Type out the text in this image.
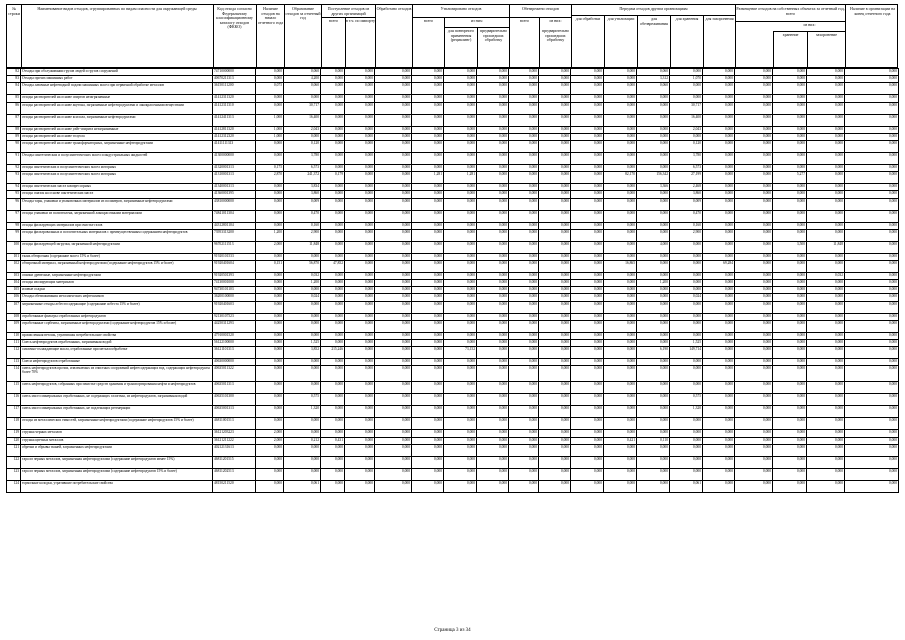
№ строки
Наименование видов отходов, сгруппированных по видам опасности для окружающей среды	Код отхода согласно Федеральному классификационному каталогу отходов (ФККО)
Наличие отходов на начало отчетного года
Образование отходов за отчетный год
Поступление отходов из других организаций
всего	в т.ч. по импорту
Обработано отходов	Утилизировано отходов
всего	из них:
для повторного применения (рециклинг)
предварительно прошедших обработку
Обезврежено отходов
всего	из них:
предварительно прошедших обработку
Передача отходов другим организациям
для обработки	для утилизации	для обезвреживания
для хранения	для захоронения
Размещение отходов на собственных объектах за отчетный год, всего
из них:
хранение	захоронение
Наличие в организации на конец отчетного года
82	Отходы при обслуживании грузов людей и грузов сооружений	74710000000	0,000	0,060	0,000	0,000	0,000	0,000	0,000	0,000	0,000	0,000	0,000	0,000	0,060	0,000	0,000	0,000	0,000	0,000	0,000	
83	Отходы прочих машинных работ	40670211313	0,000	4,200	0,000	0,000	0,000	0,000	0,000	0,000	0,000	0,000	0,000	0,000	3,312	1,070	0,000	0,000	0,000	0,000	0,000	
84	Отходы лавочные нефтеводной подачи машинных масел при первичной обработке металлов	36150111200	0,075	0,060	0,000	0,000	0,000	0,000	0,000	0,000	0,000	0,000	0,000	0,000	0,060	0,000	0,000	0,000	0,000	0,000	0,000	
85	отходы растворителей на основе спиртов незагрязненные	41412311320	0,000	0,000	0,000	0,000	0,000	0,000	0,000	0,000	0,000	0,000	0,000	0,000	0,000	0,000	0,000	0,000	0,000	0,000	0,000	
86	отходы растворителей на основе ацетона, загрязненные нефтепродуктами и лакокрасочными веществами	41412311310	0,000	30,717	0,000	0,000	0,000	0,000	0,000	0,000	0,000	0,000	0,000	0,000	0,000	30,717	0,000	0,000	0,000	0,000	0,000	
87	отходы растворителей на основе ксилола, загрязненные нефтепродуктами	41412411313	1,000	16,400	0,000	0,000	0,000	0,000	0,000	0,000	0,000	0,000	0,000	0,000	0,000	16,400	0,000	0,000	0,000	0,000	0,000	
88	отходы растворителей на основе уайт-спирита незагрязненные	41412811320	1,000	2,043	0,000	0,000	0,000	0,000	0,000	0,000	0,000	0,000	0,000	0,000	0,000	2,043	0,000	0,000	0,000	0,000	0,000	
89	отходы растворителей на основе толуола	41412312320	1,000	0,000	0,000	0,000	0,000	0,000	0,000	0,000	0,000	0,000	0,000	0,000	0,000	0,000	0,000	0,000	0,000	0,000	0,000	
90	отходы растворителей на основе трансформаторных, загрязненные нефтепродуктами	41411111313	0,000	0,120	0,000	0,000	0,000	0,000	0,000	0,000	0,000	0,000	0,000	0,000	0,000	0,120	0,000	0,000	0,000	0,000	0,000	
91	Отходы синтетических и полусинтетических масел и индустриальных жидкостей	41300000000	0,000	3,780	0,000	0,000	0,000	0,000	0,000	0,000	0,000	0,000	0,000	0,000	0,000	3,780	0,000	0,000	0,000	0,000	0,000	
92	отходы синтетических и полусинтетических масел моторных	41320001313	0,175	6,573	0,000	0,000	0,000	0,000	0,000	0,000	0,000	0,000	0,000	0,000	0,000	6,573	0,000	0,000	0,000	0,000	0,000	
93	отходы синтетических и полусинтетических масел моторных	41310001313	2,870	241,372	0,179	0,000	0,000	1,281	1,281	0,000	0,000	0,000	0,000	82,170	156,342	27,199	0,000	0,000	5,277	0,000	0,000	
94	отходы синтетических масел компрессорных	41340001313	0,000	3,834	0,000	0,000	0,000	0,000	0,000	0,000	0,000	0,000	0,000	0,000	3,366	2,468	0,000	0,000	0,000	0,000	0,000	
95	отходы смазок на основе синтетических масел	41360001395	0,000	3,860	0,000	0,000	0,000	0,000	0,000	0,000	0,000	0,000	0,000	0,000	0,000	3,860	0,000	0,000	0,000	0,000	0,000	
96	Отходы тары, упаковки и упаковочных материалов из полимеров, загрязненные нефтепродуктами	43810000000	0,000	0,009	0,000	0,000	0,000	0,000	0,000	0,000	0,000	0,000	0,000	0,000	0,000	0,009	0,000	0,000	0,000	0,000	0,000	
97	отходы упаковки из полиэтилена, загрязненной лакокрасочными материалами	74841011304	0,000	0,470	0,000	0,000	0,000	0,000	0,000	0,000	0,000	0,000	0,000	0,000	0,000	0,470	0,000	0,000	0,000	0,000	0,000	
98	отходы фильтрующих материалов при очистке газов	44312801104	0,000	0,160	0,000	0,000	0,000	0,000	0,000	0,000	0,000	0,000	0,000	0,000	0,000	0,160	0,000	0,000	0,000	0,000	0,000	
99	отходы фильтровальных и поглотительных материалов с преимущественным содержанием нефтепродуктов	73953313200	1,200	2,900	0,000	0,000	0,000	0,000	0,000	0,000	0,000	0,000	0,000	0,000	0,000	2,900	0,000	0,000	0,000	0,000	0,000	
100	отходы фильтрующей загрузки, загрязненной нефтепродуктами	96702111513	2,000	11,848	0,000	0,000	0,000	0,000	0,000	0,000	0,000	0,000	0,000	0,000	4,000	0,000	0,000	0,000	3,500	11,848	0,000	
101	ткань обтирочная (содержание масел 15% и более)	91920101533	0,000	0,000	0,000	0,000	0,000	0,000	0,000	0,000	0,000	0,000	0,000	0,000	0,000	0,000	0,000	0,000	0,000	0,000	0,000	
102	обтирочный материал, загрязненный нефтепродуктами (содержание нефтепродуктов 15% и более)	91920401604	0,151	56,870	47,852	0,000	0,000	0,000	0,000	0,000	0,000	0,000	0,000	16,865	0,000	0,000	69,284	0,000	0,000	0,000	0,000	
103	опилки древесные, загрязненные нефтепродуктами	91920501393	0,000	0,032	0,000	0,000	0,000	0,000	0,000	0,000	0,000	0,000	0,000	0,000	0,000	0,000	0,000	0,000	0,000	0,032	0,000	
104	отходы изолирующих материалов	74130001000	0,000	1,200	0,000	0,000	0,000	0,000	0,000	0,000	0,000	0,000	0,000	0,000	1,200	0,000	0,000	0,000	0,000	0,000	0,000	
105	иловые осадки	94730101103	0,000	0,000	0,000	0,000	0,000	0,000	0,000	0,000	0,000	0,000	0,000	0,000	0,000	0,000	0,000	0,000	0,000	0,000	0,000	
106	Отходы обезвоживания металлических нефтешламов	36200100000	0,000	0,024	0,000	0,000	0,000	0,000	0,000	0,000	0,000	0,000	0,000	0,000	0,000	0,024	0,000	0,000	0,000	0,000	0,000	
107	загрязненные отходы асбестосодержащие (содержание асбеста 15% и более)	91920401603	0,000	0,000	0,000	0,000	0,000	0,000	0,000	0,000	0,000	0,000	0,000	0,000	0,000	0,000	0,000	0,000	0,000	0,000	0,000	
108	отработанные фильтры отработанных нефтепродуктов	92130107523	0,000	0,000	0,000	0,000	0,000	0,000	0,000	0,000	0,000	0,000	0,000	0,000	0,000	0,000	0,000	0,000	0,000	0,000	0,000	
109	отработанные сорбенты, загрязненные нефтепродуктами (содержание нефтепродуктов 15% и более)	44250311293	0,000	0,000	0,000	0,000	0,000	0,000	0,000	0,000	0,000	0,000	0,000	0,000	0,000	0,000	0,000	0,000	0,000	0,000	0,000	
110	промасленная ветошь, утратившая потребительские свойства	47910001520	0,000	0,000	0,000	0,000	0,000	0,000	0,000	0,000	0,000	0,000	0,000	0,000	0,000	0,000	0,000	0,000	0,000	0,000	0,000	
111	Смесь нефтепродуктов отработанных, загрязненная водой	56122100000	0,000	1,525	0,000	0,000	0,000	0,000	0,000	0,000	0,000	0,000	0,000	0,000	0,000	1,525	0,000	0,000	0,000	0,000	0,000	
112	смазочно-охлаждающие масла, отработанные при металлообработке	36121101313	0,000	3,852	215,246	0,000	0,000	0,000	73,152	0,000	0,000	0,000	0,000	0,000	6,190	149,714	0,000	0,000	0,000	0,000	0,000	
113	Смеси нефтепродуктов отработанные	40630000000	0,000	0,000	0,000	0,000	0,000	0,000	0,000	0,000	0,000	0,000	0,000	0,000	0,000	0,000	0,000	0,000	0,000	0,000	0,000	
114	смесь нефтепродуктов прочих, извлекаемых из очистных сооружений нефтесодержащих вод, содержащих нефтепродукты более 70%	40635011322	0,000	0,000	0,000	0,000	0,000	0,000	0,000	0,000	0,000	0,000	0,000	0,000	0,000	0,000	0,000	0,000	0,000	0,000	0,000	
115	смесь нефтепродуктов, собранных при зачистке средств хранения и транспортирования нефти и нефтепродуктов	40635011313	0,000	0,000	0,000	0,000	0,000	0,000	0,000	0,000	0,000	0,000	0,000	0,000	0,000	0,000	0,000	0,000	0,000	0,000	0,000	
116	смесь масел минеральных отработанных, не содержащих галогены, из нефтепродуктов, загрязненная водой	40635101300	0,000	0,575	0,000	0,000	0,000	0,000	0,000	0,000	0,000	0,000	0,000	0,000	0,000	0,575	0,000	0,000	0,000	0,000	0,000	
117	смесь масел минеральных отработанных, не подлежащих регенерации	40635001313	0,000	1,320	0,000	0,000	0,000	0,000	0,000	0,000	0,000	0,000	0,000	0,000	0,000	1,320	0,000	0,000	0,000	0,000	0,000	
118	отходы из металлических емкостей, загрязненные нефтепродуктами (содержание нефтепродуктов 15% и более)	46811001513	0,000	0,000	0,000	0,000	0,000	0,000	0,000	0,000	0,000	0,000	0,000	0,000	0,000	0,000	0,000	0,000	0,000	0,000	0,000	
119	стружка черных металлов	36121203223	2,000	0,000	0,000	0,000	0,000	0,000	0,000	0,000	0,000	0,000	0,000	0,000	0,000	0,000	0,000	0,000	0,000	0,000	0,000	
120	стружка цветных металлов	36121211222	2,000	0,212	0,431	0,000	0,000	0,000	0,000	0,000	0,000	0,000	0,000	0,421	0,110	0,000	0,000	0,000	0,000	0,000	0,000	
121	обрезки и обрывы тканей, загрязненных нефтепродуктами	40212131613	0,000	0,000	0,000	0,000	0,000	0,000	0,000	0,000	0,000	0,000	0,000	0,000	0,000	0,000	0,000	0,000	0,000	0,000	0,000	
122	тара из черных металлов, загрязненная нефтепродуктами (содержание нефтепродуктов менее 15%)	46811201515	0,000	0,000	0,000	0,000	0,000	0,000	0,000	0,000	0,000	0,000	0,000	0,000	0,000	0,000	0,000	0,000	0,000	0,000	0,000	
123	тара из черных металлов, загрязненная нефтепродуктами (содержание нефтепродуктов 15% и более)	46811202513	0,000	0,000	0,000	0,000	0,000	0,000	0,000	0,000	0,000	0,000	0,000	0,000	0,000	0,000	0,000	0,000	0,000	0,000	0,000	
124	тормозные колодки, утратившие потребительские свойства	48150211520	0,000	0,061	0,000	0,000	0,000	0,000	0,000	0,000	0,000	0,000	0,000	0,000	0,000	0,061	0,000	0,000	0,000	0,000	0,000	
Страница 3 из 34
